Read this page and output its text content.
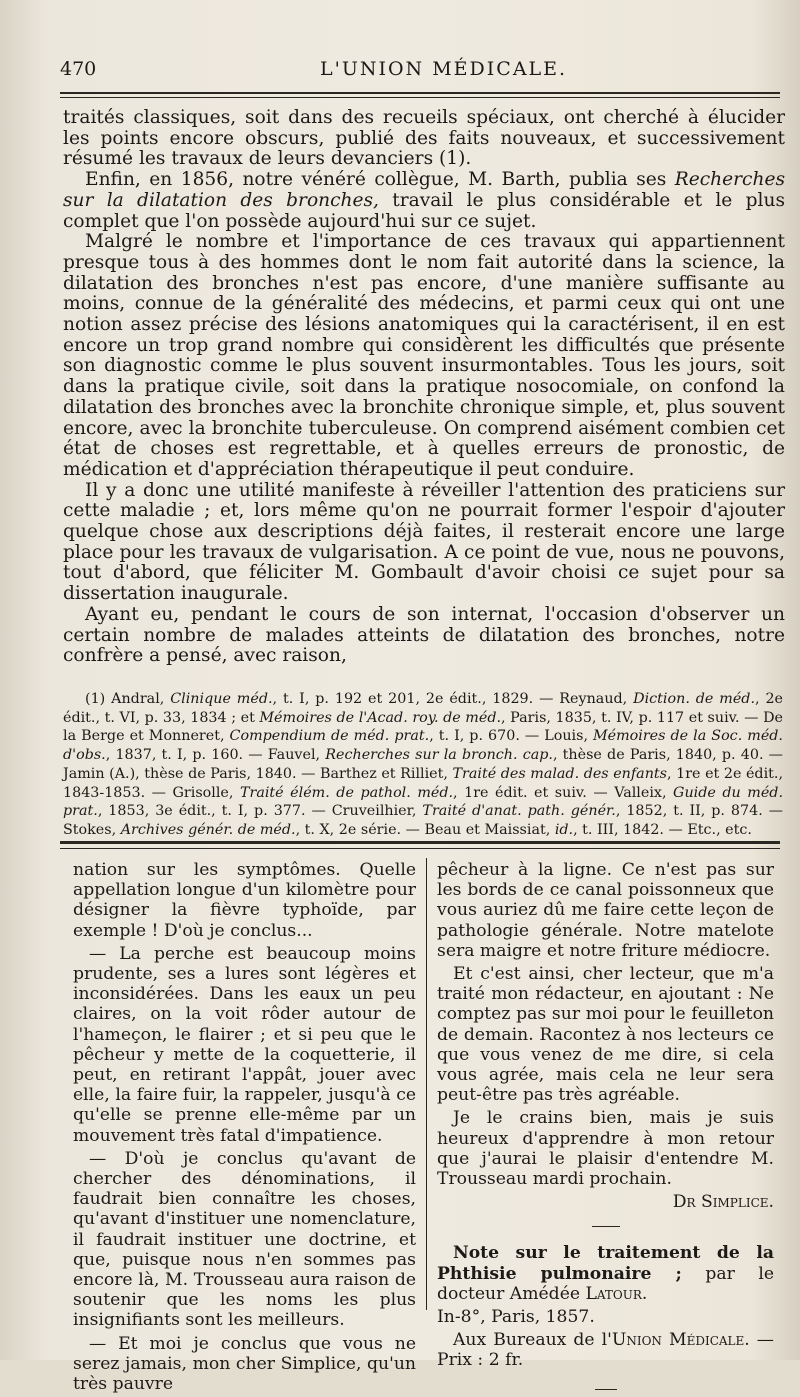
470	L'UNION MÉDICALE.

traités classiques, soit dans des recueils spéciaux, ont cherché à élucider les points encore obscurs, publié des faits nouveaux, et successivement résumé les travaux de leurs devanciers (1).

Enfin, en 1856, notre vénéré collègue, M. Barth, publia ses Recherches sur la dilatation des bronches, travail le plus considérable et le plus complet que l'on possède aujourd'hui sur ce sujet.

Malgré le nombre et l'importance de ces travaux qui appartiennent presque tous à des hommes dont le nom fait autorité dans la science, la dilatation des bronches n'est pas encore, d'une manière suffisante au moins, connue de la généralité des médecins, et parmi ceux qui ont une notion assez précise des lésions anatomiques qui la caractérisent, il en est encore un trop grand nombre qui considèrent les difficultés que présente son diagnostic comme le plus souvent insurmontables. Tous les jours, soit dans la pratique civile, soit dans la pratique nosocomiale, on confond la dilatation des bronches avec la bronchite chronique simple, et, plus souvent encore, avec la bronchite tuberculeuse. On comprend aisément combien cet état de choses est regrettable, et à quelles erreurs de pronostic, de médication et d'appréciation thérapeutique il peut conduire.

Il y a donc une utilité manifeste à réveiller l'attention des praticiens sur cette maladie ; et, lors même qu'on ne pourrait former l'espoir d'ajouter quelque chose aux descriptions déjà faites, il resterait encore une large place pour les travaux de vulgarisation. A ce point de vue, nous ne pouvons, tout d'abord, que féliciter M. Gombault d'avoir choisi ce sujet pour sa dissertation inaugurale.

Ayant eu, pendant le cours de son internat, l'occasion d'observer un certain nombre de malades atteints de dilatation des bronches, notre confrère a pensé, avec raison,

(1) Andral, Clinique méd., t. I, p. 192 et 201, 2e édit., 1829. — Reynaud, Diction. de méd., 2e édit., t. VI, p. 33, 1834 ; et Mémoires de l'Acad. roy. de méd., Paris, 1835, t. IV, p. 117 et suiv. — De la Berge et Monneret, Compendium de méd. prat., t. I, p. 670. — Louis, Mémoires de la Soc. méd. d'obs., 1837, t. I, p. 160. — Fauvel, Recherches sur la bronch. cap., thèse de Paris, 1840, p. 40. — Jamin (A.), thèse de Paris, 1840. — Barthez et Rilliet, Traité des malad. des enfants, 1re et 2e édit., 1843-1853. — Grisolle, Traité élém. de pathol. méd., 1re édit. et suiv. — Valleix, Guide du méd. prat., 1853, 3e édit., t. I, p. 377. — Cruveilhier, Traité d'anat. path. génér., 1852, t. II, p. 874. — Stokes, Archives génér. de méd., t. X, 2e série. — Beau et Maissiat, id., t. III, 1842. — Etc., etc.

nation sur les symptômes. Quelle appellation longue d'un kilomètre pour désigner la fièvre typhoïde, par exemple ! D'où je conclus...

— La perche est beaucoup moins prudente, ses a lures sont légères et inconsidérées. Dans les eaux un peu claires, on la voit rôder autour de l'hameçon, le flairer ; et si peu que le pêcheur y mette de la coquetterie, il peut, en retirant l'appât, jouer avec elle, la faire fuir, la rappeler, jusqu'à ce qu'elle se prenne elle-même par un mouvement très fatal d'impatience.

— D'où je conclus qu'avant de chercher des dénominations, il faudrait bien connaître les choses, qu'avant d'instituer une nomenclature, il faudrait instituer une doctrine, et que, puisque nous n'en sommes pas encore là, M. Trousseau aura raison de soutenir que les noms les plus insignifiants sont les meilleurs.

— Et moi je conclus que vous ne serez jamais, mon cher Simplice, qu'un très pauvre

pêcheur à la ligne. Ce n'est pas sur les bords de ce canal poissonneux que vous auriez dû me faire cette leçon de pathologie générale. Notre matelote sera maigre et notre friture médiocre.

Et c'est ainsi, cher lecteur, que m'a traité mon rédacteur, en ajoutant : Ne comptez pas sur moi pour le feuilleton de demain. Racontez à nos lecteurs ce que vous venez de me dire, si cela vous agrée, mais cela ne leur sera peut-être pas très agréable.

Je le crains bien, mais je suis heureux d'apprendre à mon retour que j'aurai le plaisir d'entendre M. Trousseau mardi prochain.

Dr Simplice.

Note sur le traitement de la Phthisie pulmonaire ; par le docteur Amédée Latour.

In-8°, Paris, 1857.

Aux Bureaux de l'Union Médicale. — Prix : 2 fr.
